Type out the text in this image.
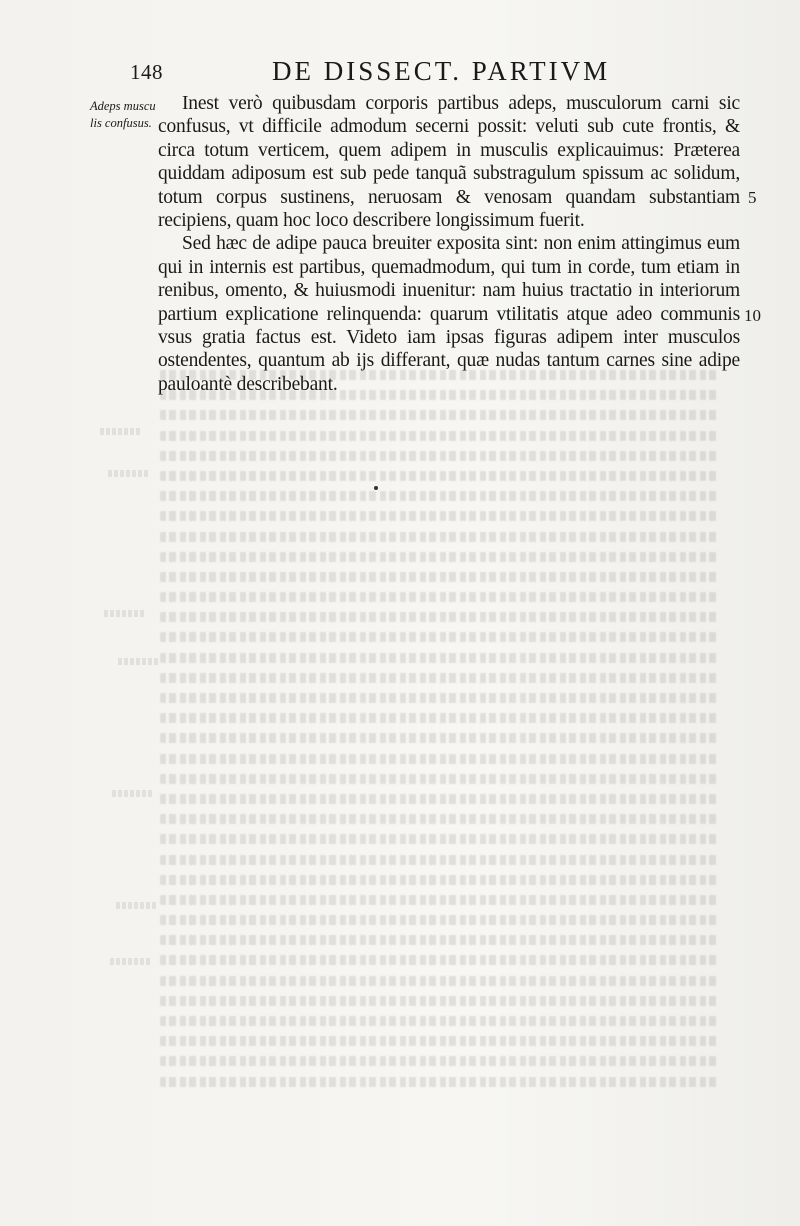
148	DE DISSECT. PARTIVM
Adeps muscu lis confusus.

Inest verò quibusdam corporis partibus adeps, musculorum carni sic confusus, vt difficile admodum secerni possit: veluti sub cute frontis, & circa totum verticem, quem adipem in musculis explicauimus: Præterea quiddam adiposum est sub pede tanquã substragulum spissum ac solidum, totum corpus sustinens, neruosam & venosam quandam substantiam recipiens, quam hoc loco describere longissimum fuerit.

Sed hæc de adipe pauca breuiter exposita sint: non enim attingimus eum qui in internis est partibus, quemadmodum, qui tum in corde, tum etiam in renibus, omento, & huiusmodi inuenitur: nam huius tractatio in interiorum partium explicatione relinquenda: quarum vtilitatis atque adeo communis vsus gratia factus est. Videto iam ipsas figuras adipem inter musculos ostendentes, quantum ab ijs differant, quæ nudas tantum carnes sine adipe pauloantè describebant.

5
10
